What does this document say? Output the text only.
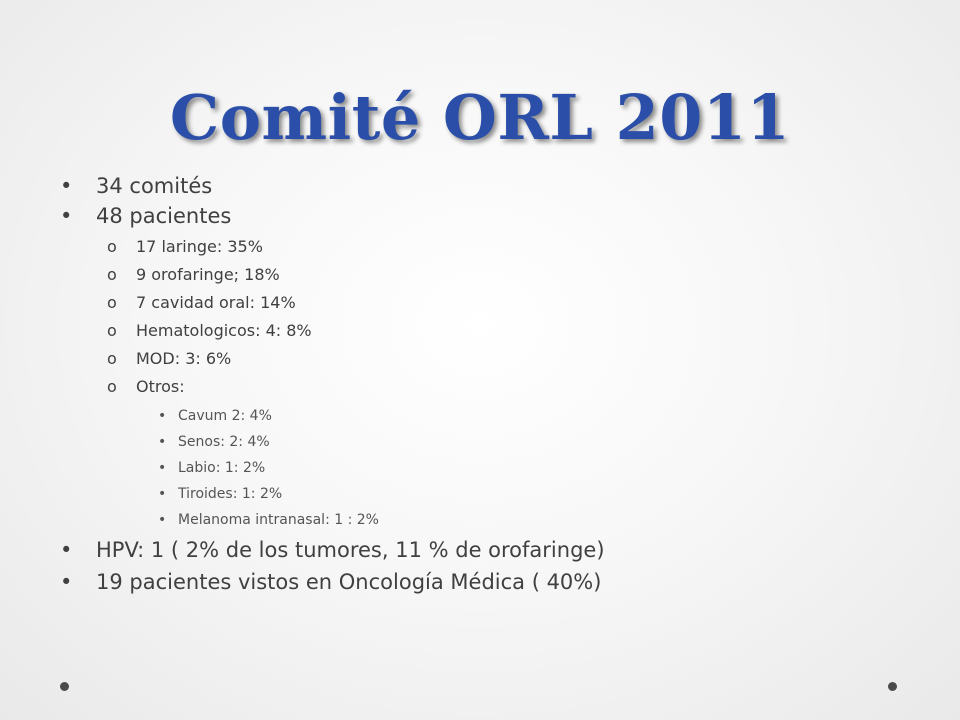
Comité ORL 2011
• 34 comités
• 48 pacientes
o 17 laringe: 35%
o 9 orofaringe; 18%
o 7 cavidad oral: 14%
o Hematologicos: 4: 8%
o MOD: 3: 6%
o Otros:
• Cavum 2: 4%
• Senos: 2: 4%
• Labio: 1: 2%
• Tiroides: 1: 2%
• Melanoma intranasal: 1 : 2%
• HPV: 1 ( 2% de los tumores, 11 % de orofaringe)
• 19 pacientes vistos en Oncología Médica ( 40%)
